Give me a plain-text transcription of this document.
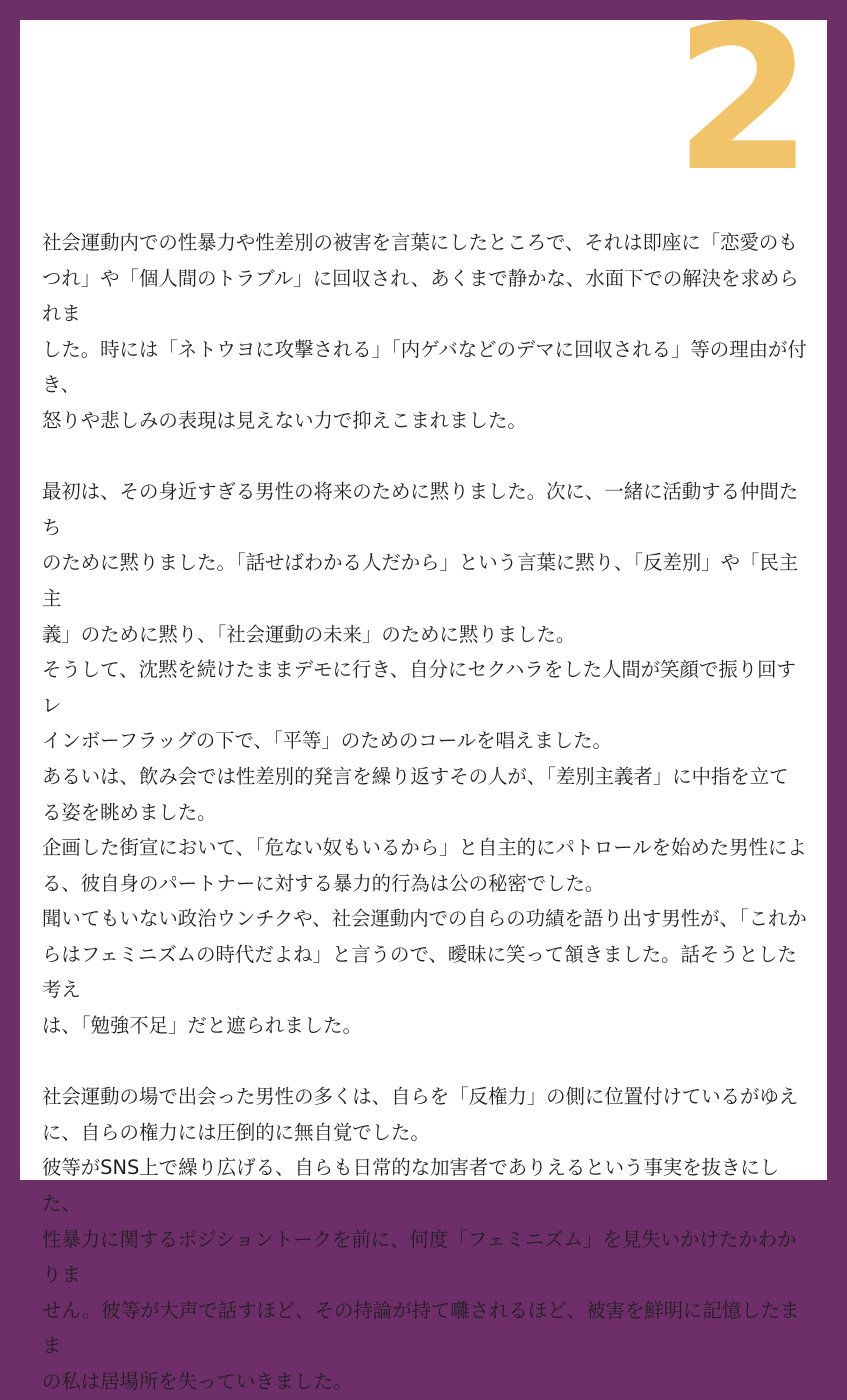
2

社会運動内での性暴力や性差別の被害を言葉にしたところで、それは即座に「恋愛のも
つれ」や「個人間のトラブル」に回収され、あくまで静かな、水面下での解決を求められま
した。時には「ネトウヨに攻撃される」「内ゲバなどのデマに回収される」等の理由が付き、
怒りや悲しみの表現は見えない力で抑えこまれました。

最初は、その身近すぎる男性の将来のために黙りました。次に、一緒に活動する仲間たち
のために黙りました。「話せばわかる人だから」という言葉に黙り、「反差別」や「民主主
義」のために黙り、「社会運動の未来」のために黙りました。

そうして、沈黙を続けたままデモに行き、自分にセクハラをした人間が笑顔で振り回すレ
インボーフラッグの下で、「平等」のためのコールを唱えました。

あるいは、飲み会では性差別的発言を繰り返すその人が、「差別主義者」に中指を立て
る姿を眺めました。

企画した街宣において、「危ない奴もいるから」と自主的にパトロールを始めた男性によ
る、彼自身のパートナーに対する暴力的行為は公の秘密でした。

聞いてもいない政治ウンチクや、社会運動内での自らの功績を語り出す男性が、「これか
らはフェミニズムの時代だよね」と言うので、曖昧に笑って頷きました。話そうとした考え
は、「勉強不足」だと遮られました。

社会運動の場で出会った男性の多くは、自らを「反権力」の側に位置付けているがゆえ
に、自らの権力には圧倒的に無自覚でした。

彼等がSNS上で繰り広げる、自らも日常的な加害者でありえるという事実を抜きにした、
性暴力に関するポジショントークを前に、何度「フェミニズム」を見失いかけたかわかりま
せん。彼等が大声で話すほど、その持論が持て囃されるほど、被害を鮮明に記憶したまま
の私は居場所を失っていきました。
